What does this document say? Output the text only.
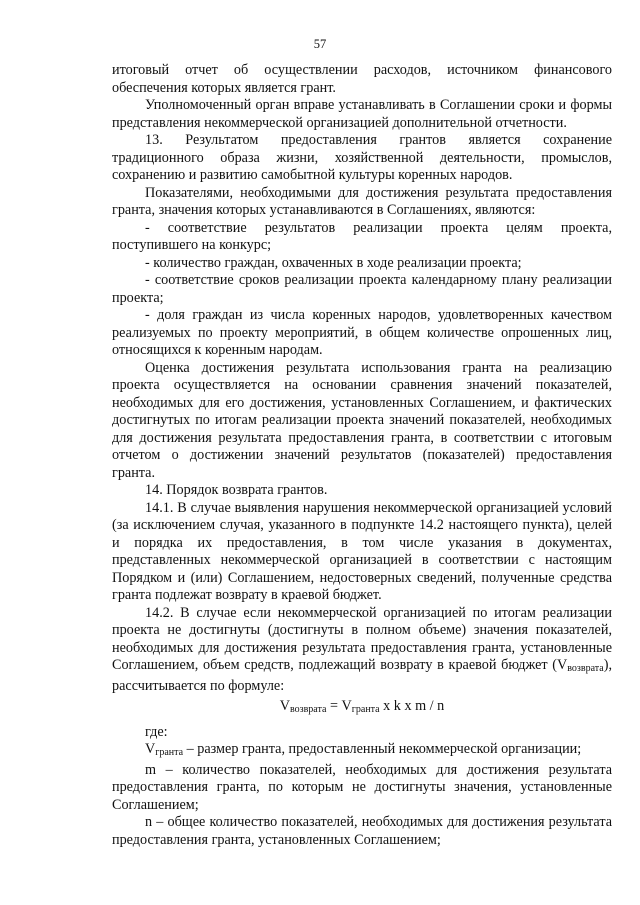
57

итоговый отчет об осуществлении расходов, источником финансового обеспечения которых является грант.

Уполномоченный орган вправе устанавливать в Соглашении сроки и формы представления некоммерческой организацией дополнительной отчетности.

13. Результатом предоставления грантов является сохранение традиционного образа жизни, хозяйственной деятельности, промыслов, сохранению и развитию самобытной культуры коренных народов.

Показателями, необходимыми для достижения результата предоставления гранта, значения которых устанавливаются в Соглашениях, являются:

- соответствие результатов реализации проекта целям проекта, поступившего на конкурс;

- количество граждан, охваченных в ходе реализации проекта;

- соответствие сроков реализации проекта календарному плану реализации проекта;

- доля граждан из числа коренных народов, удовлетворенных качеством реализуемых по проекту мероприятий, в общем количестве опрошенных лиц, относящихся к коренным народам.

Оценка достижения результата использования гранта на реализацию проекта осуществляется на основании сравнения значений показателей, необходимых для его достижения, установленных Соглашением, и фактических достигнутых по итогам реализации проекта значений показателей, необходимых для достижения результата предоставления гранта, в соответствии с итоговым отчетом о достижении значений результатов (показателей) предоставления гранта.

14. Порядок возврата грантов.

14.1. В случае выявления нарушения некоммерческой организацией условий (за исключением случая, указанного в подпункте 14.2 настоящего пункта), целей и порядка их предоставления, в том числе указания в документах, представленных некоммерческой организацией в соответствии с настоящим Порядком и (или) Соглашением, недостоверных сведений, полученные средства гранта подлежат возврату в краевой бюджет.

14.2. В случае если некоммерческой организацией по итогам реализации проекта не достигнуты (достигнуты в полном объеме) значения показателей, необходимых для достижения результата предоставления гранта, установленные Соглашением, объем средств, подлежащий возврату в краевой бюджет $(V_{возврата})$, рассчитывается по формуле:

$V_{возврата} = V_{гранта}$ x k x m / n

где:

$V_{гранта}$ – размер гранта, предоставленный некоммерческой организации;

m – количество показателей, необходимых для достижения результата предоставления гранта, по которым не достигнуты значения, установленные Соглашением;

n – общее количество показателей, необходимых для достижения результата предоставления гранта, установленных Соглашением;
